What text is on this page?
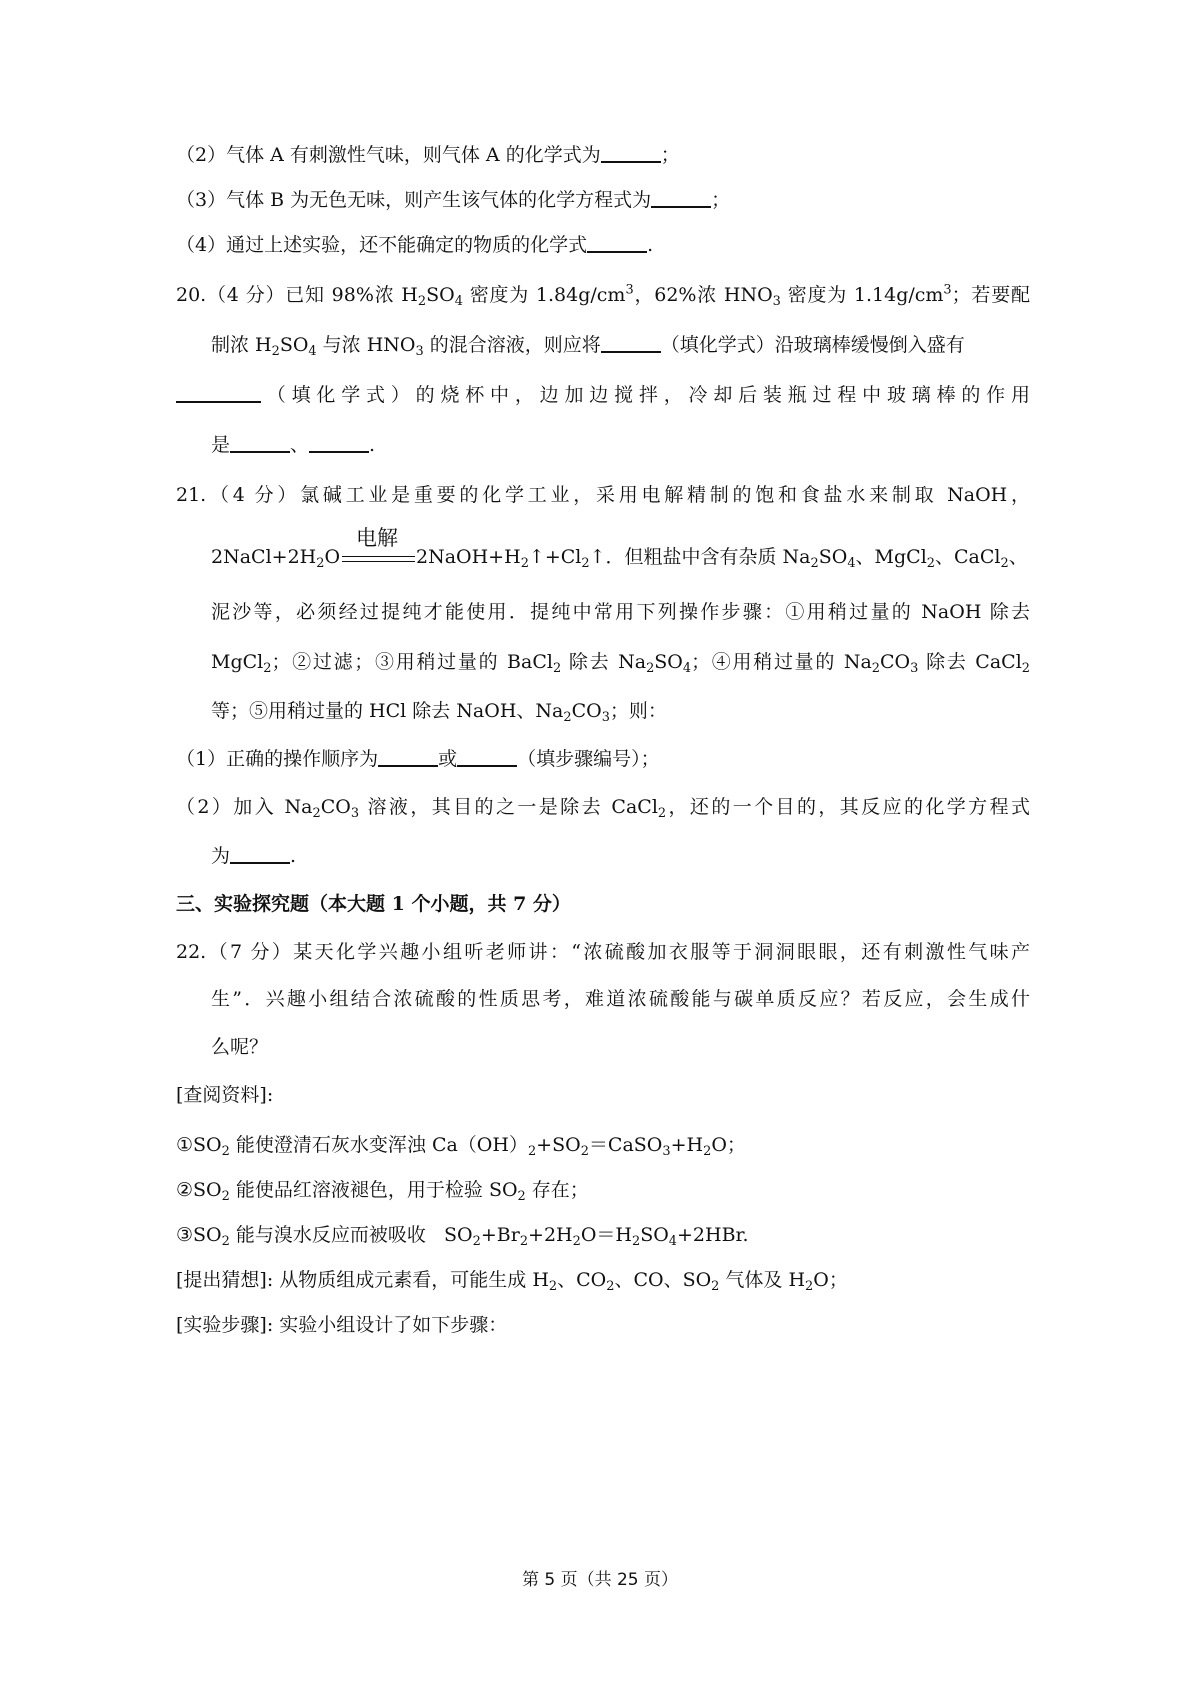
（2）气体 A 有刺激性气味，则气体 A 的化学式为	；
（3）气体 B 为无色无味，则产生该气体的化学方程式为	；
（4）通过上述实验，还不能确定的物质的化学式	.
20.（4 分）已知 98%浓 $H_2SO_4$ 密度为 $1.84g/cm^3$，62%浓 $HNO_3$ 密度为 $1.14g/cm^3$；若要配
制浓 $H_2SO_4$ 与浓 $HNO_3$ 的混合溶液，则应将	（填化学式）沿玻璃棒缓慢倒入盛有
（填化学式）的烧杯中，边加边搅拌，冷却后装瓶过程中玻璃棒的作用
是	、	.
21.（4 分）氯碱工业是重要的化学工业，采用电解精制的饱和食盐水来制取 NaOH，
电解
$2NaCl+2H_2O$	$2NaOH+H_2↑+Cl_2↑$．但粗盐中含有杂质 $Na_2SO_4$、MgCl$_2$、CaCl$_2$、
泥沙等，必须经过提纯才能使用．提纯中常用下列操作步骤：①用稍过量的 NaOH 除去
MgCl$_2$；②过滤；③用稍过量的 BaCl$_2$ 除去 $Na_2SO_4$；④用稍过量的 $Na_2CO_3$ 除去 CaCl$_2$
等；⑤用稍过量的 HCl 除去 NaOH、$Na_2CO_3$；则：
（1）正确的操作顺序为	或	（填步骤编号）；
（2）加入 $Na_2CO_3$ 溶液，其目的之一是除去 CaCl$_2$，还的一个目的，其反应的化学方程式
为	.
三、实验探究题（本大题 1 个小题，共 7 分）
22.（7 分）某天化学兴趣小组听老师讲：“浓硫酸加衣服等于洞洞眼眼，还有刺激性气味产
生”．兴趣小组结合浓硫酸的性质思考，难道浓硫酸能与碳单质反应？若反应，会生成什
么呢？
[查阅资料]:
$①SO_2$ 能使澄清石灰水变浑浊 $Ca(OH)_2+SO_2=CaSO_3+H_2O$；
$②SO_2$ 能使品红溶液褪色，用于检验 $SO_2$ 存在；
$③SO_2$ 能与溴水反应而被吸收   $SO_2+Br_2+2H_2O=H_2SO_4+2HBr$.
[提出猜想]: 从物质组成元素看，可能生成 $H_2$、$CO_2$、CO、$SO_2$ 气体及 $H_2O$；
[实验步骤]: 实验小组设计了如下步骤：
第 5 页（共 25 页）
